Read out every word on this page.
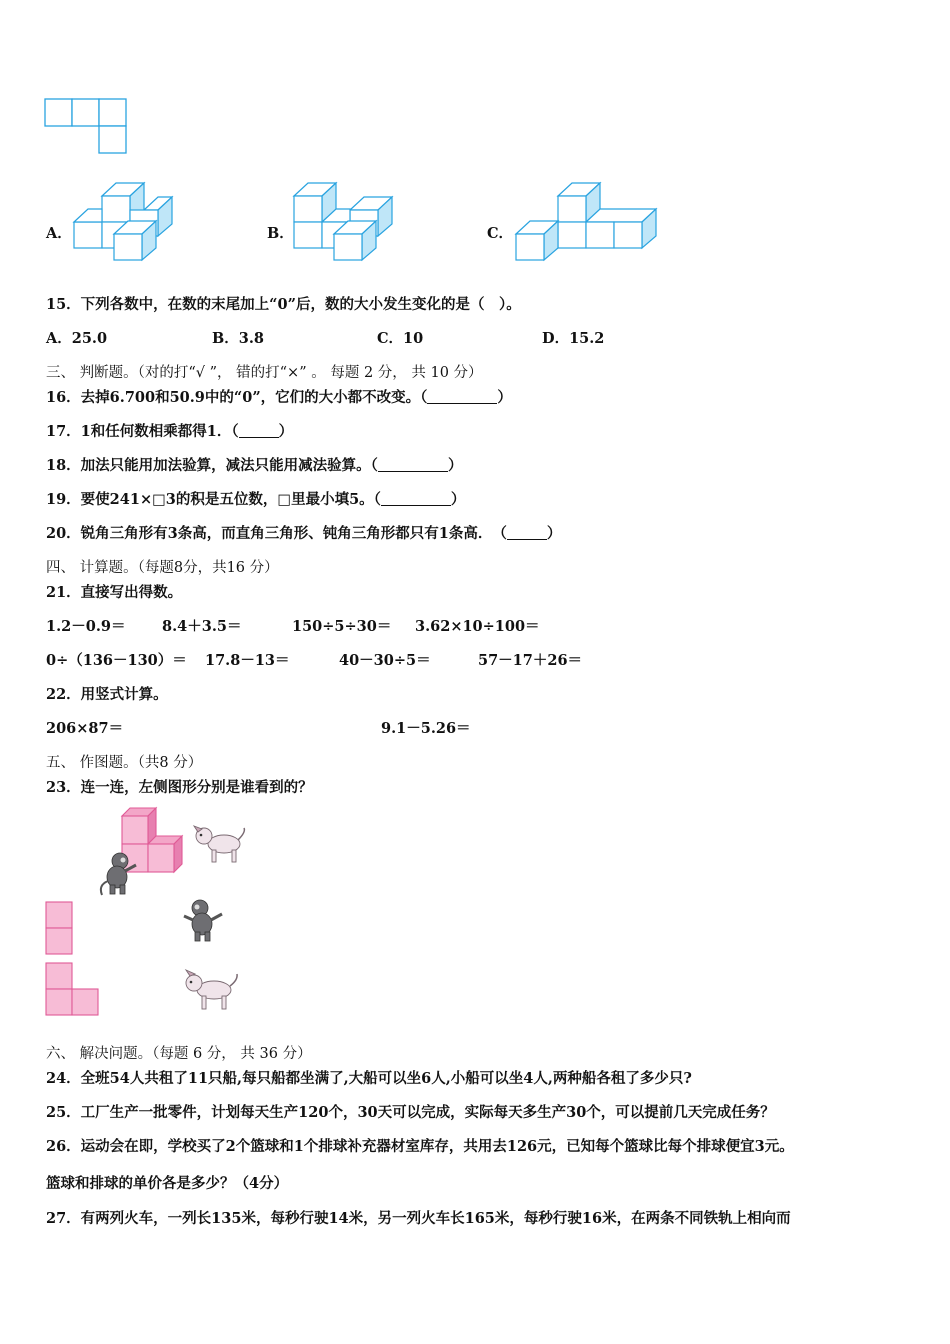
A．	B．	C．
15．下列各数中，在数的末尾加上“0”后，数的大小发生变化的是（　）。
A．25.0	B．3.8	C．10	D．15.2
三、 判断题。（对的打“√ ”， 错的打“×” 。 每题 2 分， 共 10 分）
16．去掉6.700和50.9中的“0”，它们的大小都不改变。（	）
17．1和任何数相乘都得1．（	）
18．加法只能用加法验算，减法只能用减法验算。（	）
19．要使241×□3的积是五位数，□里最小填5。（	）
20．锐角三角形有3条高，而直角三角形、钝角三角形都只有1条高．　（	）
四、 计算题。（每题8分，共16 分）
21．直接写出得数。
1.2－0.9＝	8.4＋3.5＝	150÷5÷30＝ 3.62×10÷100＝
0÷（136－130）＝ 17.8－13＝	40－30÷5＝	57－17＋26＝
22．用竖式计算。
206×87＝	9.1－5.26＝
五、 作图题。（共8 分）
23．连一连，左侧图形分别是谁看到的？
六、 解决问题。（每题 6 分， 共 36 分）
24．全班54人共租了11只船,每只船都坐满了,大船可以坐6人,小船可以坐4人,两种船各租了多少只?
25．工厂生产一批零件，计划每天生产120个，30天可以完成，实际每天多生产30个，可以提前几天完成任务？
26．运动会在即，学校买了2个篮球和1个排球补充器材室库存，共用去126元，已知每个篮球比每个排球便宜3元。
篮球和排球的单价各是多少？（4分）
27．有两列火车，一列长135米，每秒行驶14米，另一列火车长165米，每秒行驶16米，在两条不同铁轨上相向而
